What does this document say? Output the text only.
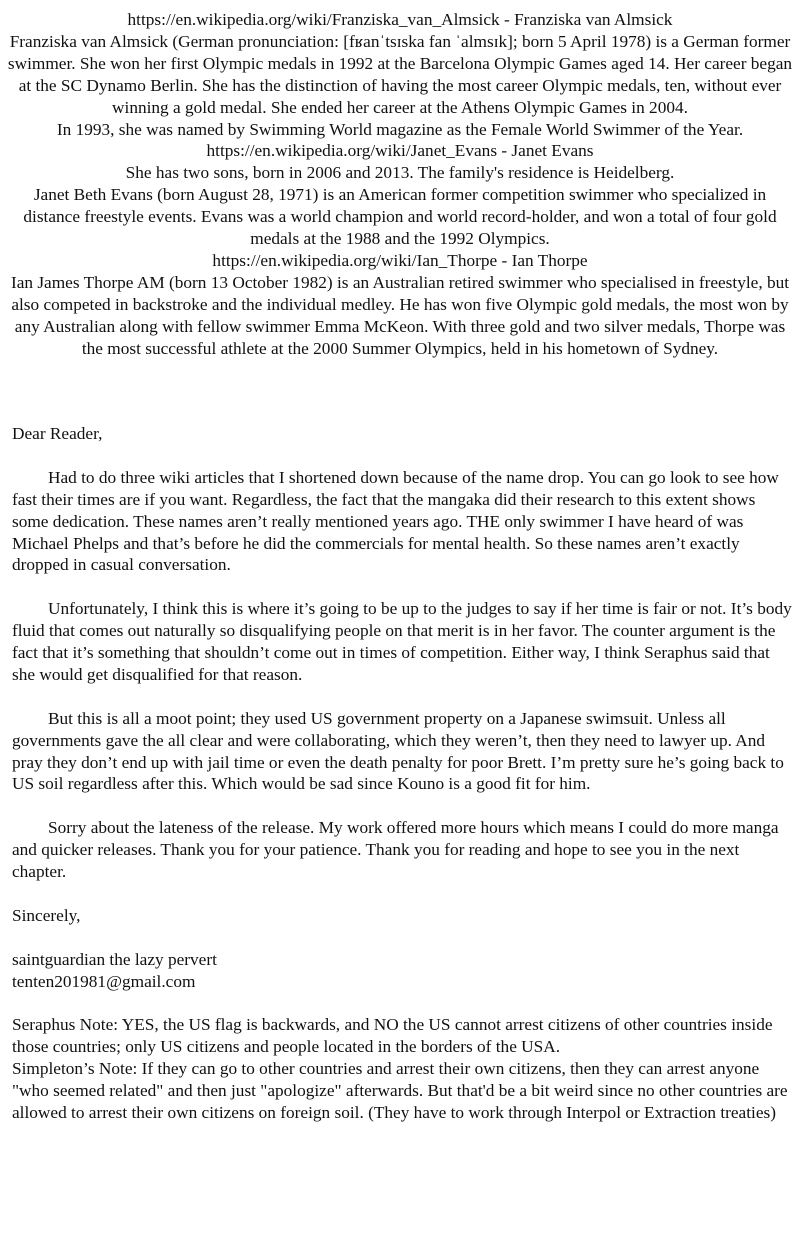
https://en.wikipedia.org/wiki/Franziska_van_Almsick - Franziska van Almsick

Franziska van Almsick (German pronunciation: [fʁanˈtsɪska fan ˈalmsɪk]; born 5 April 1978) is a German former swimmer. She won her first Olympic medals in 1992 at the Barcelona Olympic Games aged 14. Her career began at the SC Dynamo Berlin. She has the distinction of having the most career Olympic medals, ten, without ever winning a gold medal. She ended her career at the Athens Olympic Games in 2004.

In 1993, she was named by Swimming World magazine as the Female World Swimmer of the Year.

https://en.wikipedia.org/wiki/Janet_Evans - Janet Evans

She has two sons, born in 2006 and 2013. The family's residence is Heidelberg.

Janet Beth Evans (born August 28, 1971) is an American former competition swimmer who specialized in distance freestyle events. Evans was a world champion and world record-holder, and won a total of four gold medals at the 1988 and the 1992 Olympics.

https://en.wikipedia.org/wiki/Ian_Thorpe - Ian Thorpe

Ian James Thorpe AM (born 13 October 1982) is an Australian retired swimmer who specialised in freestyle, but also competed in backstroke and the individual medley. He has won five Olympic gold medals, the most won by any Australian along with fellow swimmer Emma McKeon. With three gold and two silver medals, Thorpe was the most successful athlete at the 2000 Summer Olympics, held in his hometown of Sydney.

Dear Reader,

Had to do three wiki articles that I shortened down because of the name drop. You can go look to see how fast their times are if you want. Regardless, the fact that the mangaka did their research to this extent shows some dedication. These names aren’t really mentioned years ago. THE only swimmer I have heard of was Michael Phelps and that’s before he did the commercials for mental health. So these names aren’t exactly dropped in casual conversation.

Unfortunately, I think this is where it’s going to be up to the judges to say if her time is fair or not. It’s body fluid that comes out naturally so disqualifying people on that merit is in her favor. The counter argument is the fact that it’s something that shouldn’t come out in times of competition. Either way, I think Seraphus said that she would get disqualified for that reason.

But this is all a moot point; they used US government property on a Japanese swimsuit. Unless all governments gave the all clear and were collaborating, which they weren’t, then they need to lawyer up. And pray they don’t end up with jail time or even the death penalty for poor Brett. I’m pretty sure he’s going back to US soil regardless after this. Which would be sad since Kouno is a good fit for him.

Sorry about the lateness of the release. My work offered more hours which means I could do more manga and quicker releases. Thank you for your patience. Thank you for reading and hope to see you in the next chapter.

Sincerely,

saintguardian the lazy pervert

tenten201981@gmail.com

Seraphus Note: YES, the US flag is backwards, and NO the US cannot arrest citizens of other countries inside those countries; only US citizens and people located in the borders of the USA.

Simpleton’s Note: If they can go to other countries and arrest their own citizens, then they can arrest anyone "who seemed related" and then just "apologize" afterwards. But that'd be a bit weird since no other countries are allowed to arrest their own citizens on foreign soil. (They have to work through Interpol or Extraction treaties)
